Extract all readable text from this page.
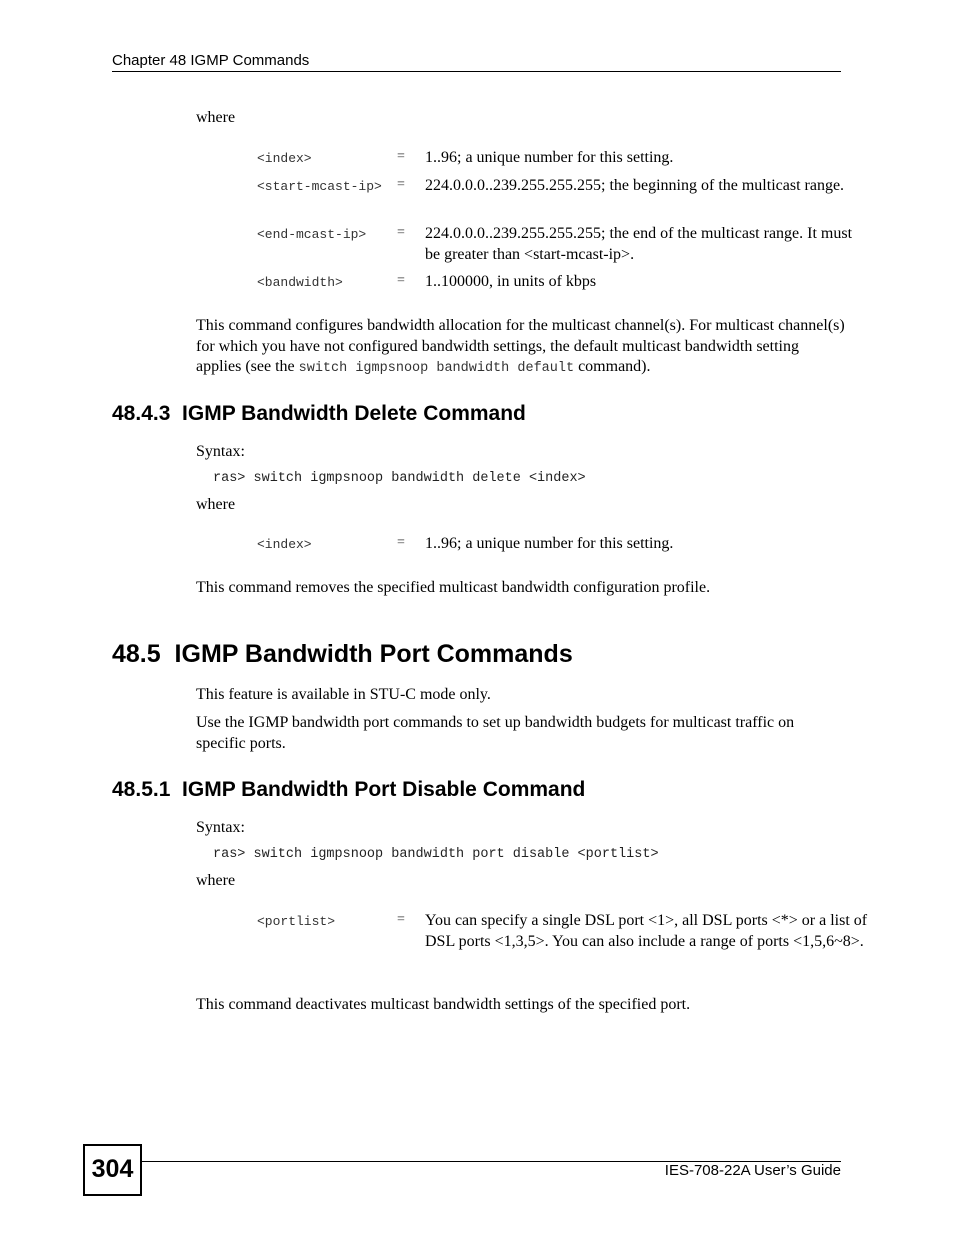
Chapter 48 IGMP Commands
where
<index>	= 1..96; a unique number for this setting.
<start-mcast-ip> = 224.0.0.0..239.255.255.255; the beginning of the multicast range.
<end-mcast-ip>	= 224.0.0.0..239.255.255.255; the end of the multicast range. It must be greater than <start-mcast-ip>.
<bandwidth>	= 1..100000, in units of kbps
This command configures bandwidth allocation for the multicast channel(s). For multicast channel(s) for which you have not configured bandwidth settings, the default multicast bandwidth setting applies (see the switch igmpsnoop bandwidth default command).
48.4.3  IGMP Bandwidth Delete Command
Syntax:
ras> switch igmpsnoop bandwidth delete <index>
where
<index>	= 1..96; a unique number for this setting.
This command removes the specified multicast bandwidth configuration profile.
48.5  IGMP Bandwidth Port Commands
This feature is available in STU-C mode only.
Use the IGMP bandwidth port commands to set up bandwidth budgets for multicast traffic on specific ports.
48.5.1  IGMP Bandwidth Port Disable Command
Syntax:
ras> switch igmpsnoop bandwidth port disable <portlist>
where
<portlist>	= You can specify a single DSL port <1>, all DSL ports <*> or a list of DSL ports <1,3,5>. You can also include a range of ports <1,5,6~8>.
This command deactivates multicast bandwidth settings of the specified port.
304	IES-708-22A User’s Guide
